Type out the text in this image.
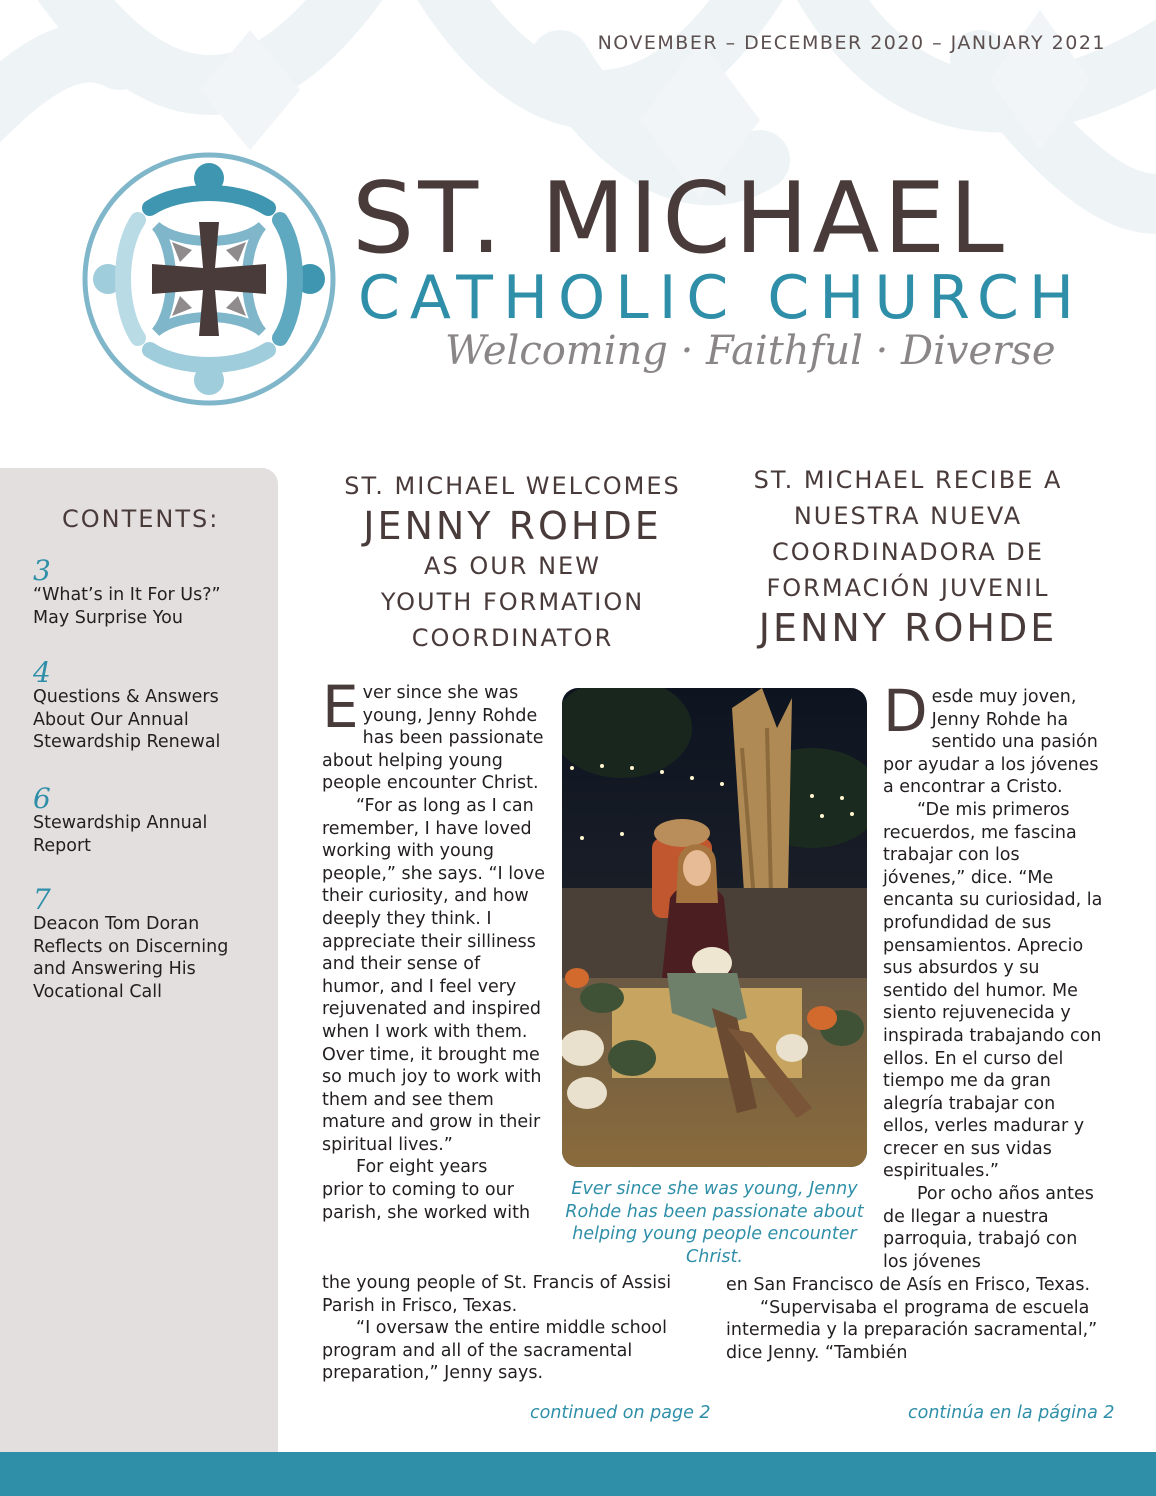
NOVEMBER – DECEMBER 2020 – JANUARY 2021
ST. MICHAEL
CATHOLIC CHURCH
Welcoming · Faithful · Diverse
CONTENTS:
3
“What’s in It For Us?” May Surprise You
4
Questions & Answers About Our Annual Stewardship Renewal
6
Stewardship Annual Report
7
Deacon Tom Doran Reflects on Discerning and Answering His Vocational Call
ST. MICHAEL WELCOMES
JENNY ROHDE
AS OUR NEW
YOUTH FORMATION
COORDINATOR
ST. MICHAEL RECIBE A
NUESTRA NUEVA
COORDINADORA DE
FORMACIÓN JUVENIL
JENNY ROHDE

Ever since she was young, Jenny Rohde has been passionate about helping young people encounter Christ.

“For as long as I can remember, I have loved working with young people,” she says. “I love their curiosity, and how deeply they think. I appreciate their silliness and their sense of humor, and I feel very rejuvenated and inspired when I work with them. Over time, it brought me so much joy to work with them and see them mature and grow in their spiritual lives.”

For eight years prior to coming to our parish, she worked with

the young people of St. Francis of Assisi Parish in Frisco, Texas.

“I oversaw the entire middle school program and all of the sacramental preparation,” Jenny says.

continued on page 2
Ever since she was young, Jenny Rohde has been passionate about helping young people encounter Christ.

Desde muy joven, Jenny Rohde ha sentido una pasión por ayudar a los jóvenes a encontrar a Cristo.

“De mis primeros recuerdos, me fascina trabajar con los jóvenes,” dice. “Me encanta su curiosidad, la profundidad de sus pensamientos. Aprecio sus absurdos y su sentido del humor. Me siento rejuvenecida y inspirada trabajando con ellos. En el curso del tiempo me da gran alegría trabajar con ellos, verles madurar y crecer en sus vidas espirituales.”

Por ocho años antes de llegar a nuestra parroquia, trabajó con los jóvenes

en San Francisco de Asís en Frisco, Texas.

“Supervisaba el programa de escuela intermedia y la preparación sacramental,” dice Jenny. “También

continúa en la página 2
